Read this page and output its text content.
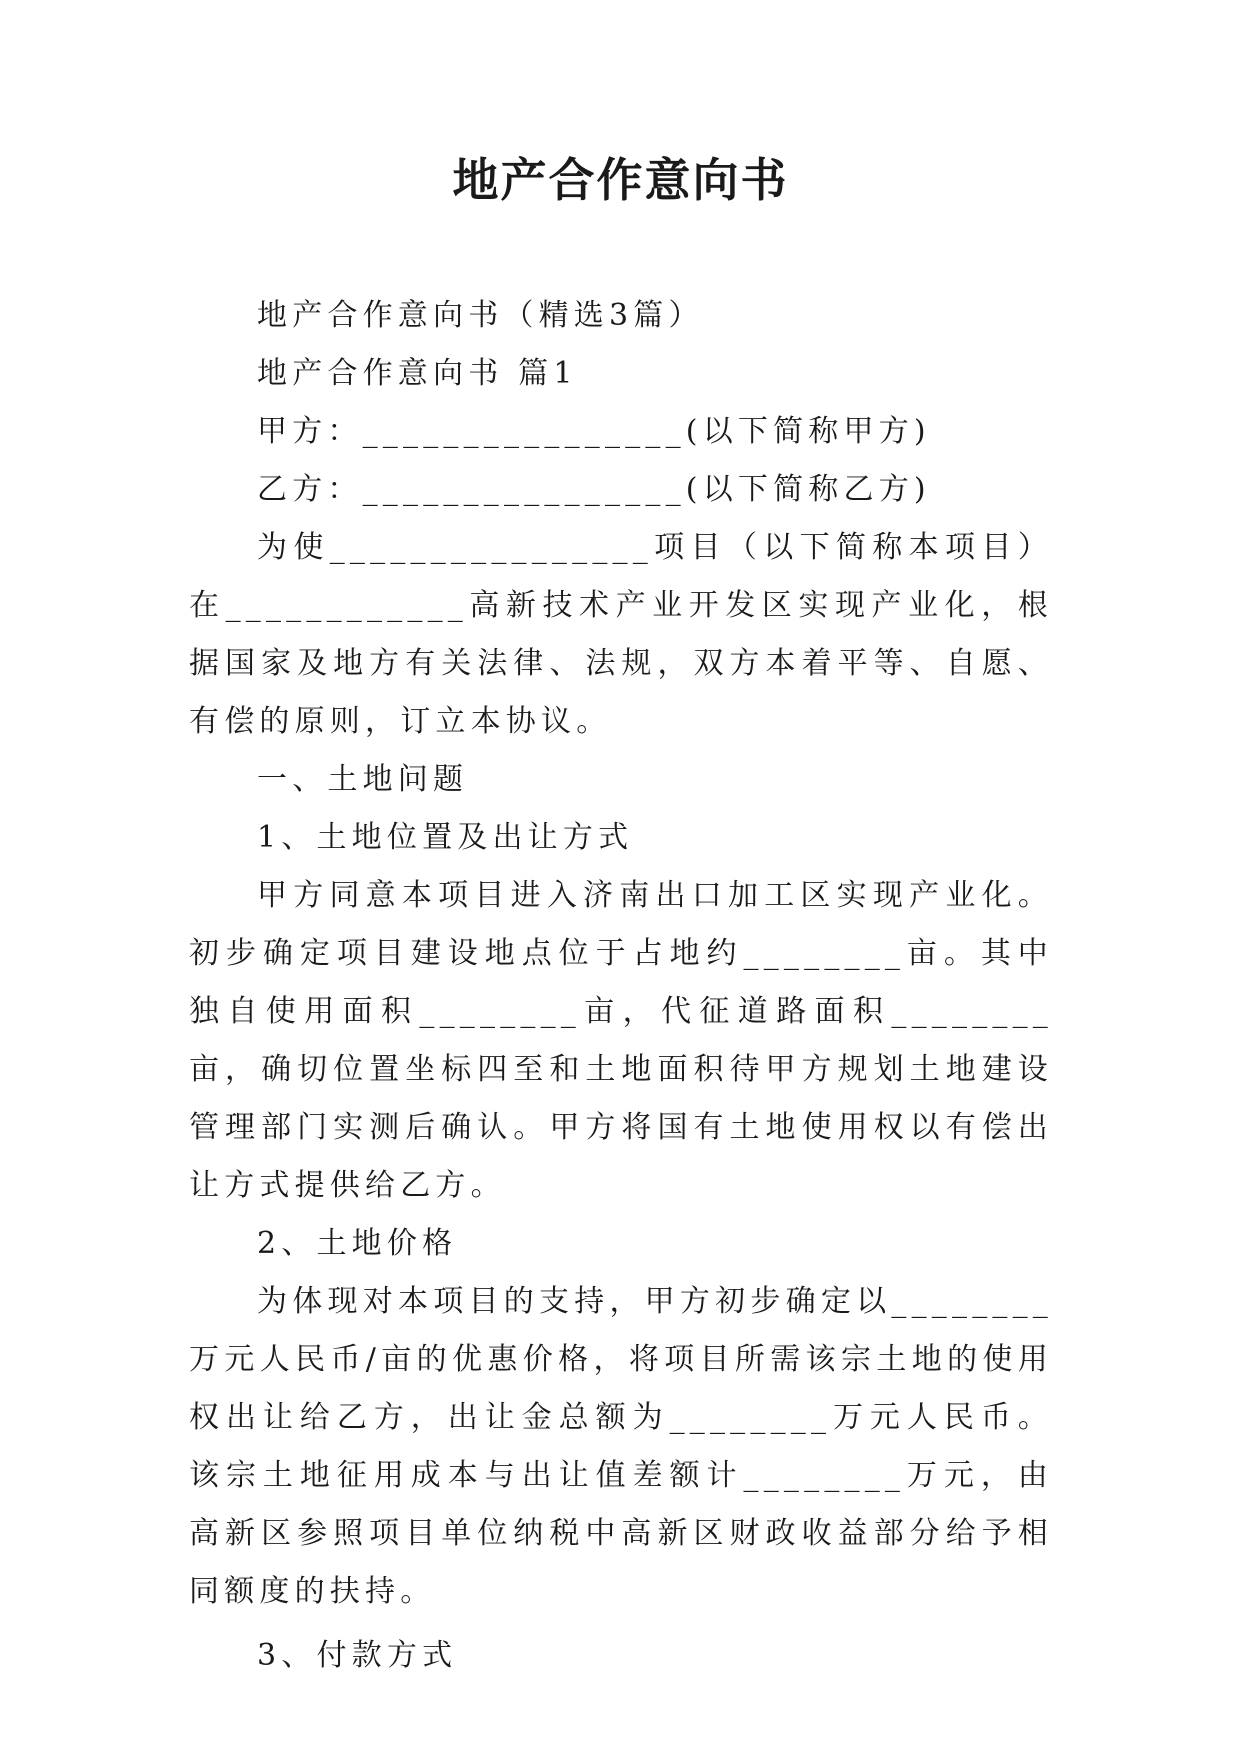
地产合作意向书

地产合作意向书（精选3篇）

地产合作意向书 篇1

甲方：________________(以下简称甲方)

乙方：________________(以下简称乙方)

为使________________项目（以下简称本项目）在____________高新技术产业开发区实现产业化，根据国家及地方有关法律、法规，双方本着平等、自愿、有偿的原则，订立本协议。

一、土地问题

1、土地位置及出让方式

甲方同意本项目进入济南出口加工区实现产业化。初步确定项目建设地点位于占地约________亩。其中独自使用面积________亩，代征道路面积________亩，确切位置坐标四至和土地面积待甲方规划土地建设管理部门实测后确认。甲方将国有土地使用权以有偿出让方式提供给乙方。

2、土地价格

为体现对本项目的支持，甲方初步确定以________万元人民币/亩的优惠价格，将项目所需该宗土地的使用权出让给乙方，出让金总额为________万元人民币。该宗土地征用成本与出让值差额计________万元，由高新区参照项目单位纳税中高新区财政收益部分给予相同额度的扶持。

3、付款方式
